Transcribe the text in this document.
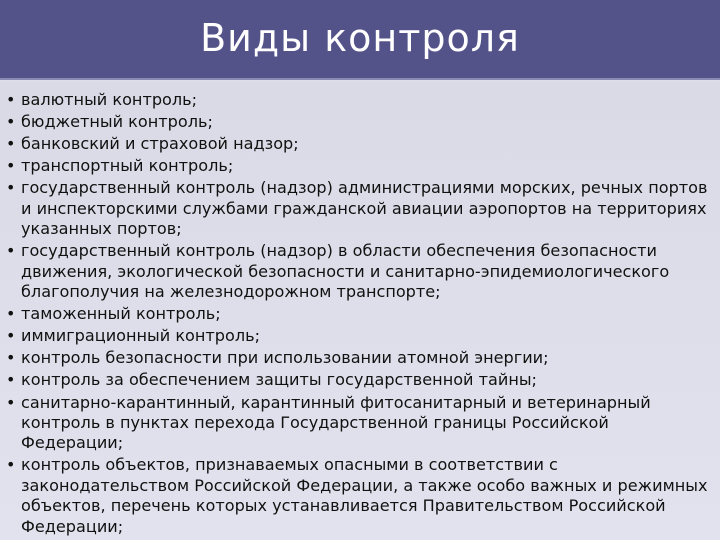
Виды контроля
• валютный контроль;
• бюджетный контроль;
• банковский и страховой надзор;
• транспортный контроль;
• государственный контроль (надзор) администрациями морских, речных портов и инспекторскими службами гражданской авиации аэропортов на территориях указанных портов;
• государственный контроль (надзор) в области обеспечения безопасности движения, экологической безопасности и санитарно-эпидемиологического благополучия на железнодорожном транспорте;
• таможенный контроль;
• иммиграционный контроль;
• контроль безопасности при использовании атомной энергии;
• контроль за обеспечением защиты государственной тайны;
• санитарно-карантинный, карантинный фитосанитарный и ветеринарный контроль в пунктах перехода Государственной границы Российской Федерации;
• контроль объектов, признаваемых опасными в соответствии с законодательством Российской Федерации, а также особо важных и режимных объектов, перечень которых устанавливается Правительством Российской Федерации;
